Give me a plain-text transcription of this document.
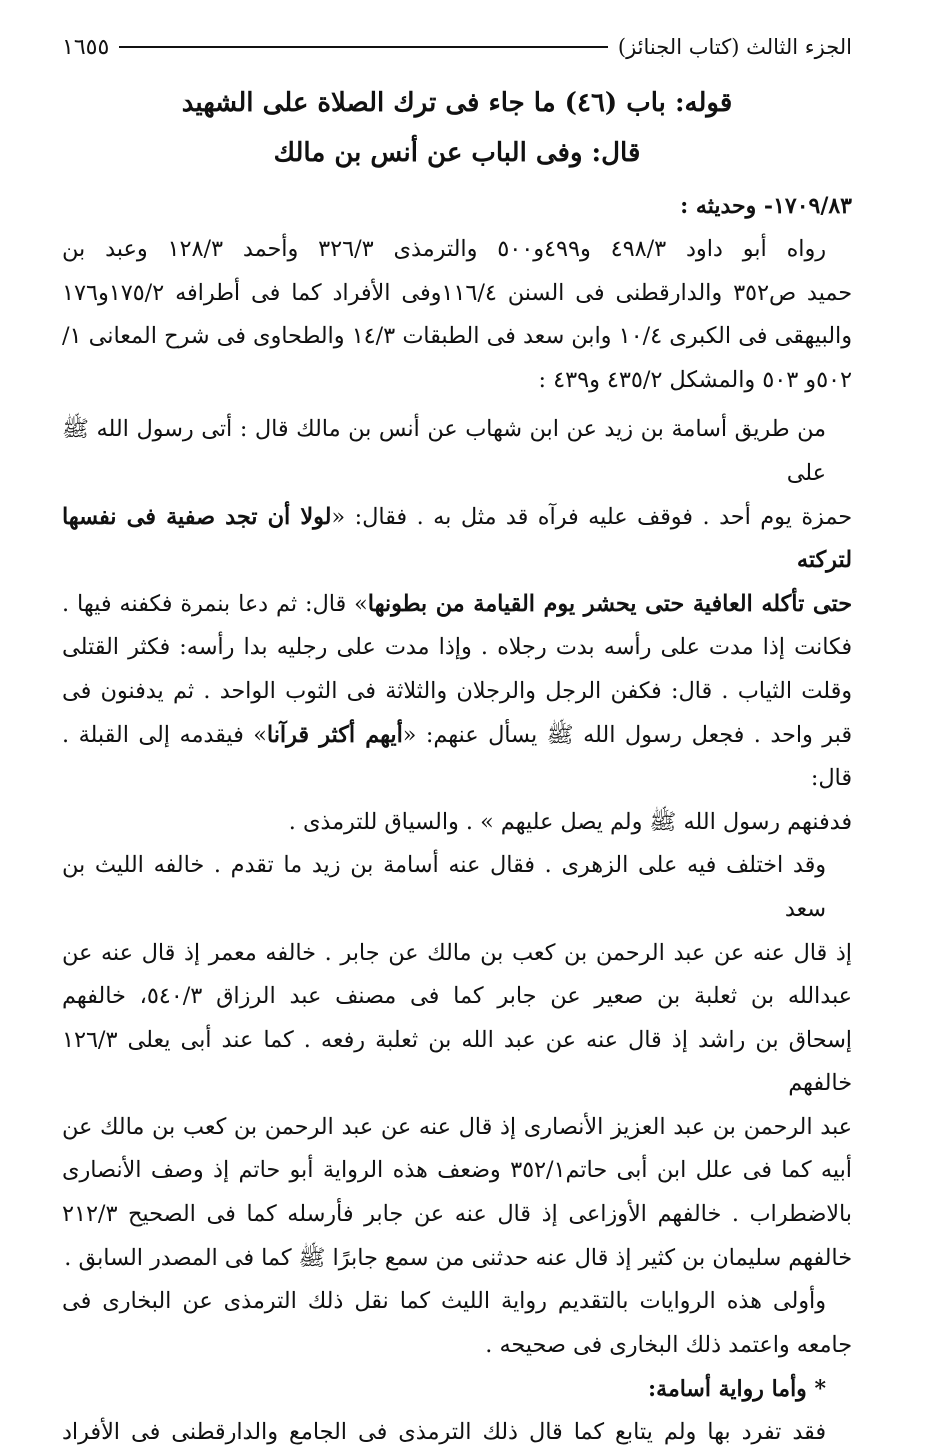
الجزء الثالث (كتاب الجنائز)
١٦٥٥
قوله: باب (٤٦) ما جاء فى ترك الصلاة على الشهيد
قال: وفى الباب عن أنس بن مالك
١٧٠٩/٨٣- وحديثه :
رواه أبو داود ٤٩٨/٣ و٤٩٩و٥٠٠ والترمذى ٣٢٦/٣ وأحمد ١٢٨/٣ وعبد بن
حميد ص٣٥٢ والدارقطنى فى السنن ١١٦/٤وفى الأفراد كما فى أطرافه ١٧٥/٢و١٧٦
والبيهقى فى الكبرى ١٠/٤ وابن سعد فى الطبقات ١٤/٣ والطحاوى فى شرح المعانى ١/
٥٠٢و ٥٠٣ والمشكل ٤٣٥/٢ و٤٣٩ :
من طريق أسامة بن زيد عن ابن شهاب عن أنس بن مالك قال : أتى رسول الله ﷺ على
حمزة يوم أحد . فوقف عليه فرآه قد مثل به . فقال: «لولا أن تجد صفية فى نفسها لتركته
حتى تأكله العافية حتى يحشر يوم القيامة من بطونها» قال: ثم دعا بنمرة فكفنه فيها .
فكانت إذا مدت على رأسه بدت رجلاه . وإذا مدت على رجليه بدا رأسه: فكثر القتلى
وقلت الثياب . قال: فكفن الرجل والرجلان والثلاثة فى الثوب الواحد . ثم يدفنون فى
قبر واحد . فجعل رسول الله ﷺ يسأل عنهم: «أيهم أكثر قرآنا» فيقدمه إلى القبلة . قال:
فدفنهم رسول الله ﷺ ولم يصل عليهم » . والسياق للترمذى .
وقد اختلف فيه على الزهرى . فقال عنه أسامة بن زيد ما تقدم . خالفه الليث بن سعد
إذ قال عنه عن عبد الرحمن بن كعب بن مالك عن جابر . خالفه معمر إذ قال عنه عن
عبدالله بن ثعلبة بن صعير عن جابر كما فى مصنف عبد الرزاق ٥٤٠/٣، خالفهم
إسحاق بن راشد إذ قال عنه عن عبد الله بن ثعلبة رفعه . كما عند أبى يعلى ١٢٦/٣ خالفهم
عبد الرحمن بن عبد العزيز الأنصارى إذ قال عنه عن عبد الرحمن بن كعب بن مالك عن
أبيه كما فى علل ابن أبى حاتم٣٥٢/١ وضعف هذه الرواية أبو حاتم إذ وصف الأنصارى
بالاضطراب . خالفهم الأوزاعى إذ قال عنه عن جابر فأرسله كما فى الصحيح ٢١٢/٣
خالفهم سليمان بن كثير إذ قال عنه حدثنى من سمع جابرًا ﷺ كما فى المصدر السابق .
وأولى هذه الروايات بالتقديم رواية الليث كما نقل ذلك الترمذى عن البخارى فى
جامعه واعتمد ذلك البخارى فى صحيحه .
* وأما رواية أسامة:
فقد تفرد بها ولم يتابع كما قال ذلك الترمذى فى الجامع والدارقطنى فى الأفراد
